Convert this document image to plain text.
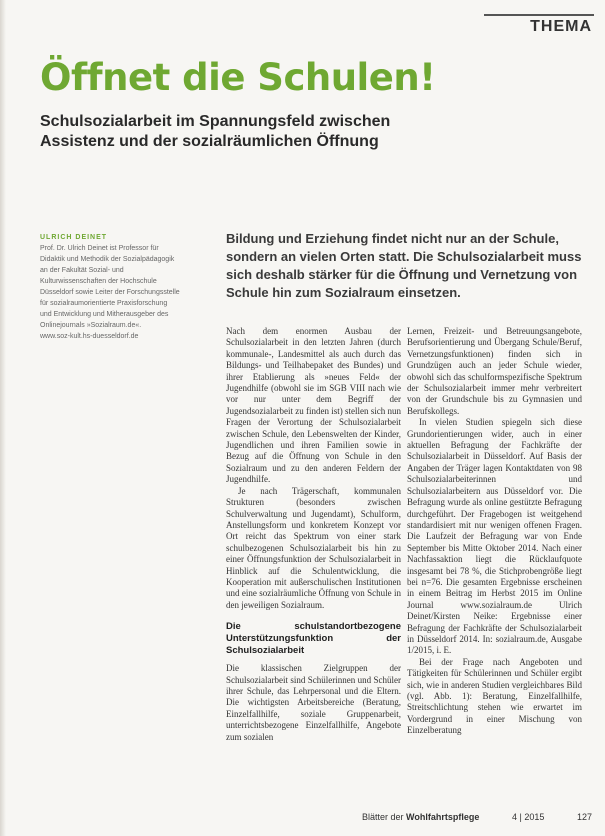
THEMA
Öffnet die Schulen!
Schulsozialarbeit im Spannungsfeld zwischen Assistenz und der sozialräumlichen Öffnung
ULRICH DEINET
Prof. Dr. Ulrich Deinet ist Professor für Didaktik und Methodik der Sozialpädagogik an der Fakultät Sozial- und Kulturwissenschaften der Hochschule Düsseldorf sowie Leiter der Forschungsstelle für sozialraumorientierte Praxisforschung und Entwicklung und Mitherausgeber des Onlinejournals »Sozialraum.de«.
www.soz-kult.hs-duesseldorf.de
Bildung und Erziehung findet nicht nur an der Schule, sondern an vielen Orten statt. Die Schulsozialarbeit muss sich deshalb stärker für die Öffnung und Vernetzung von Schule hin zum Sozialraum einsetzen.

Nach dem enormen Ausbau der Schulsozialarbeit in den letzten Jahren (durch kommunale-, Landesmittel als auch durch das Bildungs- und Teilhabepaket des Bundes) und ihrer Etablierung als »neues Feld« der Jugendhilfe (obwohl sie im SGB VIII nach wie vor nur unter dem Begriff der Jugendsozialarbeit zu finden ist) stellen sich nun Fragen der Verortung der Schulsozialarbeit zwischen Schule, den Lebenswelten der Kinder, Jugendlichen und ihren Familien sowie in Bezug auf die Öffnung von Schule in den Sozialraum und zu den anderen Feldern der Jugendhilfe.

Je nach Trägerschaft, kommunalen Strukturen (besonders zwischen Schulverwaltung und Jugendamt), Schulform, Anstellungsform und konkretem Konzept vor Ort reicht das Spektrum von einer stark schulbezogenen Schulsozialarbeit bis hin zu einer Öffnungsfunktion der Schulsozialarbeit in Hinblick auf die Schulentwicklung, die Kooperation mit außerschulischen Institutionen und eine sozialräumliche Öffnung von Schule in den jeweiligen Sozialraum.

Die schulstandortbezogene Unterstützungsfunktion der Schulsozialarbeit

Die klassischen Zielgruppen der Schulsozialarbeit sind Schülerinnen und Schüler ihrer Schule, das Lehrpersonal und die Eltern. Die wichtigsten Arbeitsbereiche (Beratung, Einzelfallhilfe, soziale Gruppenarbeit, unterrichtsbezogene Einzelfallhilfe, Angebote zum sozialen

Lernen, Freizeit- und Betreuungsangebote, Berufsorientierung und Übergang Schule/Beruf, Vernetzungsfunktionen) finden sich in Grundzügen auch an jeder Schule wieder, obwohl sich das schulformspezifische Spektrum der Schulsozialarbeit immer mehr verbreitert von der Grundschule bis zu Gymnasien und Berufskollegs.

In vielen Studien spiegeln sich diese Grundorientierungen wider, auch in einer aktuellen Befragung der Fachkräfte der Schulsozialarbeit in Düsseldorf. Auf Basis der Angaben der Träger lagen Kontaktdaten von 98 Schulsozialarbeiterinnen und Schulsozialarbeitern aus Düsseldorf vor. Die Befragung wurde als online gestützte Befragung durchgeführt. Der Fragebogen ist weitgehend standardisiert mit nur wenigen offenen Fragen. Die Laufzeit der Befragung war von Ende September bis Mitte Oktober 2014. Nach einer Nachfassaktion liegt die Rücklaufquote insgesamt bei 78 %, die Stichprobengröße liegt bei n=76. Die gesamten Ergebnisse erscheinen in einem Beitrag im Herbst 2015 im Online Journal www.sozialraum.de Ulrich Deinet/Kirsten Neike: Ergebnisse einer Befragung der Fachkräfte der Schulsozialarbeit in Düsseldorf 2014. In: sozialraum.de, Ausgabe 1/2015, i. E.

Bei der Frage nach Angeboten und Tätigkeiten für Schülerinnen und Schüler ergibt sich, wie in anderen Studien vergleichbares Bild (vgl. Abb. 1): Beratung, Einzelfallhilfe, Streitschlichtung stehen wie erwartet im Vordergrund in einer Mischung von Einzelberatung

Blätter der Wohlfahrtspflege	4 | 2015	127
